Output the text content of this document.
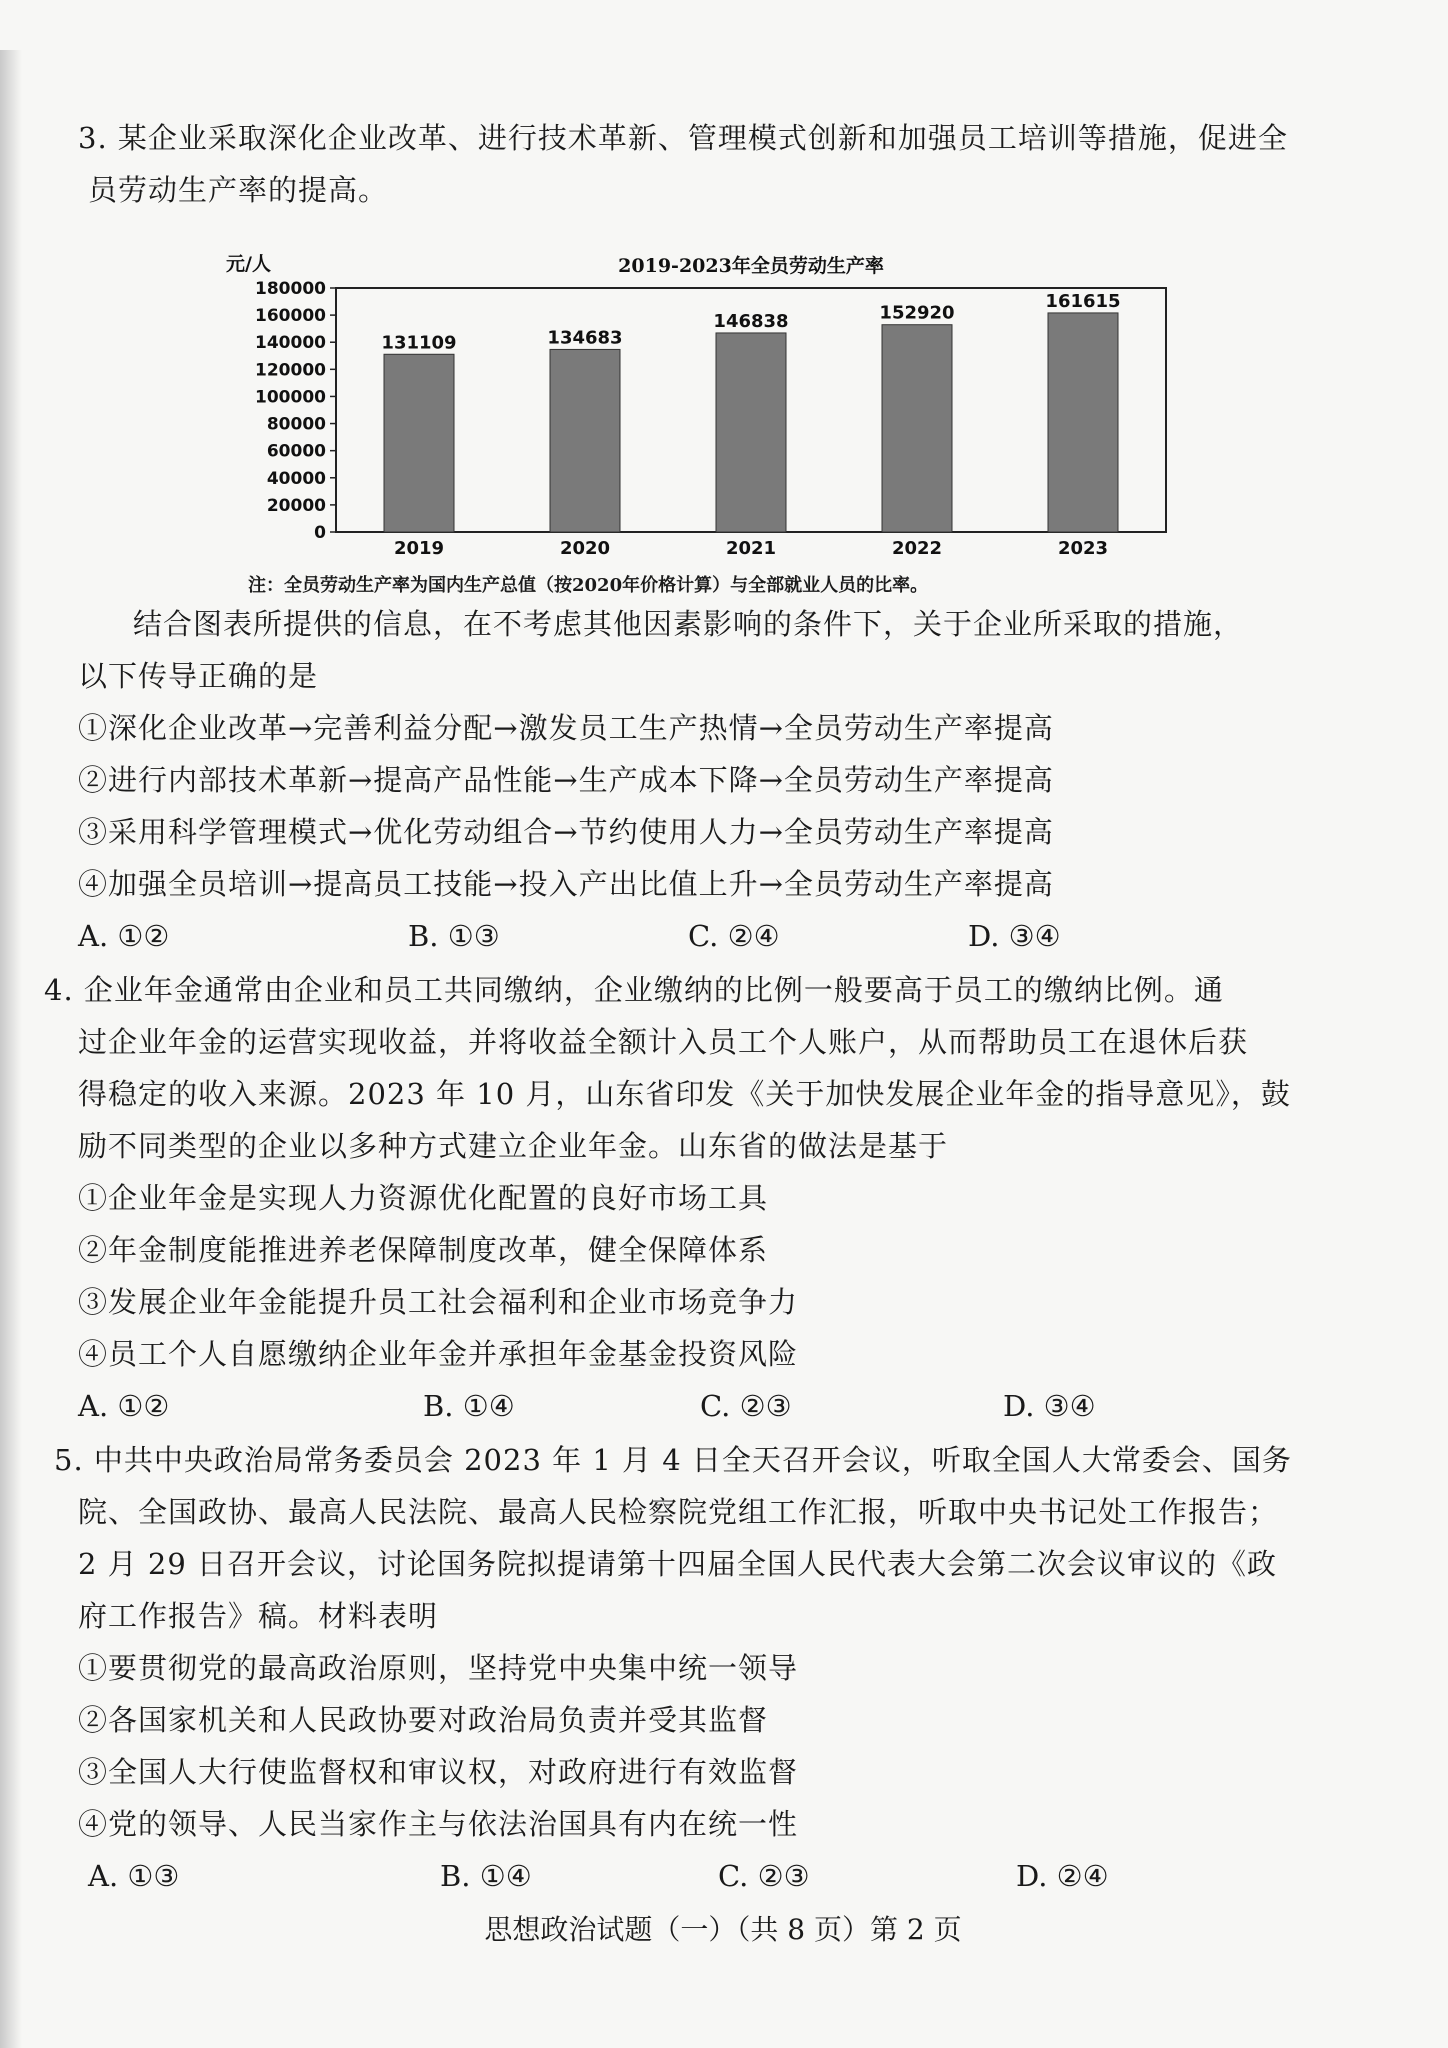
3. 某企业采取深化企业改革、进行技术革新、管理模式创新和加强员工培训等措施，促进全
员劳动生产率的提高。
2019-2023年全员劳动生产率
元/人
0
20000
40000
60000
80000
100000
120000
140000
160000
180000
131109
2019
134683
2020
146838
2021
152920
2022
161615
2023
注：全员劳动生产率为国内生产总值（按2020年价格计算）与全部就业人员的比率。
结合图表所提供的信息，在不考虑其他因素影响的条件下，关于企业所采取的措施，
以下传导正确的是
①深化企业改革→完善利益分配→激发员工生产热情→全员劳动生产率提高
②进行内部技术革新→提高产品性能→生产成本下降→全员劳动生产率提高
③采用科学管理模式→优化劳动组合→节约使用人力→全员劳动生产率提高
④加强全员培训→提高员工技能→投入产出比值上升→全员劳动生产率提高
A. ①②	B. ①③	C. ②④	D. ③④
4. 企业年金通常由企业和员工共同缴纳，企业缴纳的比例一般要高于员工的缴纳比例。通
过企业年金的运营实现收益，并将收益全额计入员工个人账户，从而帮助员工在退休后获
得稳定的收入来源。2023 年 10 月，山东省印发《关于加快发展企业年金的指导意见》，鼓
励不同类型的企业以多种方式建立企业年金。山东省的做法是基于
①企业年金是实现人力资源优化配置的良好市场工具
②年金制度能推进养老保障制度改革，健全保障体系
③发展企业年金能提升员工社会福利和企业市场竞争力
④员工个人自愿缴纳企业年金并承担年金基金投资风险
A. ①②	B. ①④	C. ②③	D. ③④
5. 中共中央政治局常务委员会 2023 年 1 月 4 日全天召开会议，听取全国人大常委会、国务
院、全国政协、最高人民法院、最高人民检察院党组工作汇报，听取中央书记处工作报告；
2 月 29 日召开会议，讨论国务院拟提请第十四届全国人民代表大会第二次会议审议的《政
府工作报告》稿。材料表明
①要贯彻党的最高政治原则，坚持党中央集中统一领导
②各国家机关和人民政协要对政治局负责并受其监督
③全国人大行使监督权和审议权，对政府进行有效监督
④党的领导、人民当家作主与依法治国具有内在统一性
A. ①③	B. ①④	C. ②③	D. ②④
思想政治试题（一）（共 8 页）第 2 页
